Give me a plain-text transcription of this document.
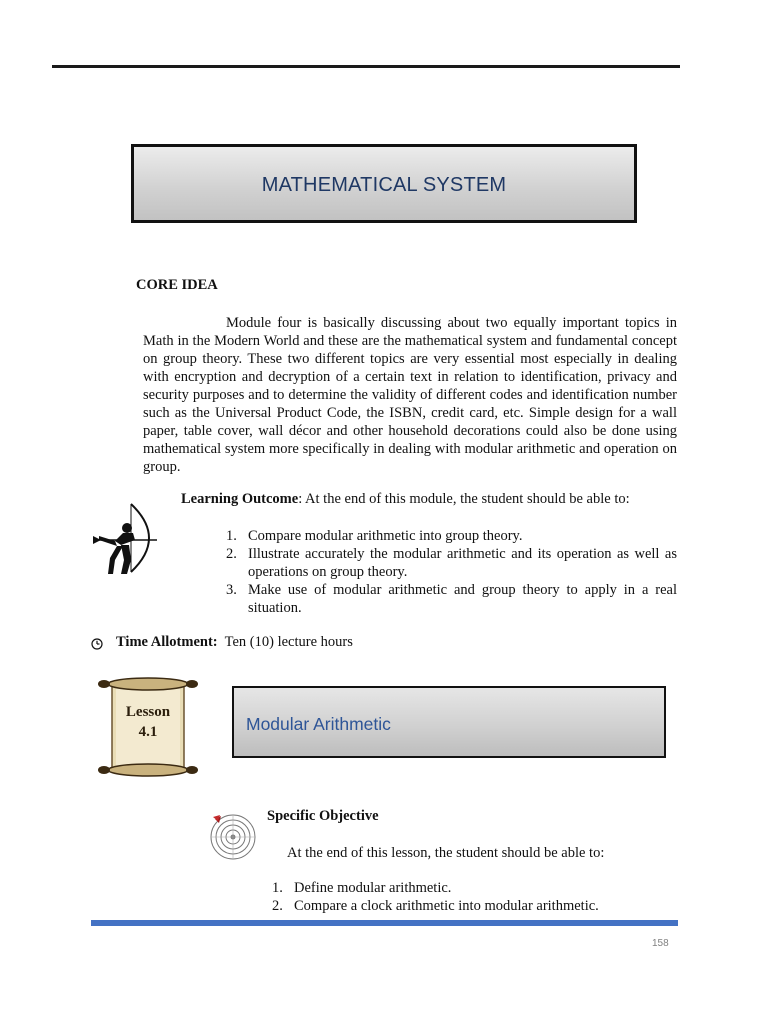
MATHEMATICAL SYSTEM
CORE IDEA
Module four is basically discussing about two equally important topics in Math in the Modern World and these are the mathematical system and fundamental concept on group theory. These two different topics are very essential most especially in dealing with encryption and decryption of a certain text in relation to identification, privacy and security purposes and to determine the validity of different codes and identification number such as the Universal Product Code, the ISBN, credit card, etc. Simple design for a wall paper, table cover, wall décor and other household decorations could also be done using mathematical system more specifically in dealing with modular arithmetic and operation on group.
Learning Outcome: At the end of this module, the student should be able to:
1. Compare modular arithmetic into group theory.
2. Illustrate accurately the modular arithmetic and its operation as well as operations on group theory.
3. Make use of modular arithmetic and group theory to apply in a real situation.
Time Allotment: Ten (10) lecture hours
Lesson
4.1	Modular Arithmetic
Specific Objective
At the end of this lesson, the student should be able to:
1. Define modular arithmetic.
2. Compare a clock arithmetic into modular arithmetic.
158
